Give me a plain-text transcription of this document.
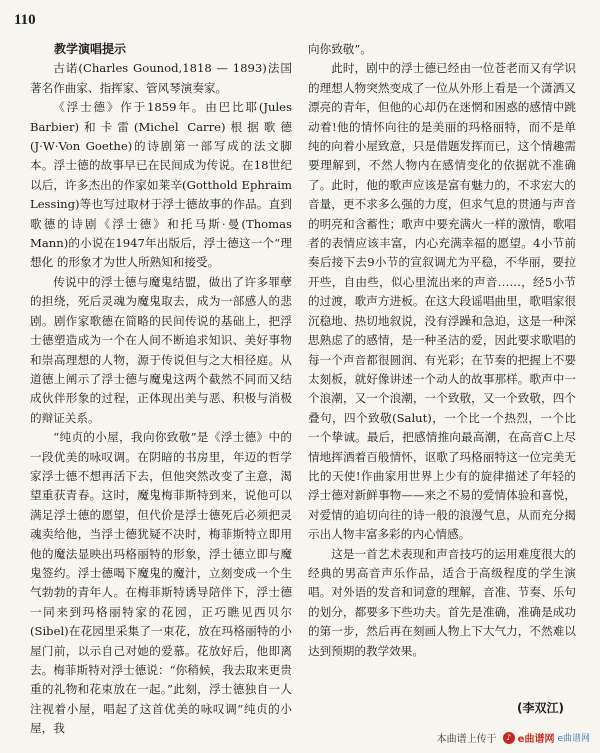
110

教学演唱提示

古诺(Charles Gounod,1818 — 1893)法国著名作曲家、指挥家、管风琴演奏家。

《浮士德》作于1859年。由巴比耶(Jules Barbier)和卡雷(Michel Carre)根据歌德(J·W·Von Goethe)的诗剧第一部写成的法文脚本。浮士德的故事早已在民间成为传说。在18世纪以后，许多杰出的作家如莱辛(Gotthold Ephraim Lessing)等也写过取材于浮士德故事的作品。直到歌德的诗剧《浮士德》和托马斯·曼(Thomas Mann)的小说在1947年出版后，浮士德这一个“理想化 的形象才为世人所熟知和接受。

传说中的浮士德与魔鬼结盟，做出了许多罪孽的担绕，死后灵魂为魔鬼取去，成为一部感人的悲剧。剧作家歌德在简略的民间传说的基础上，把浮士德塑造成为一个在人间不断追求知识、美好事物和崇高理想的人物，源于传说但与之大相径庭。从道德上阐示了浮士德与魔鬼这两个截然不同而又结成伙伴形象的过程，正体现出美与恶、积极与消极的辩证关系。

“纯贞的小屋，我向你致敬”是《浮士德》中的一段优美的咏叹调。在阴暗的书房里，年迈的哲学家浮士德不想再活下去，但他突然改变了主意，渴望重获青春。这时，魔鬼梅菲斯特到来，说他可以满足浮士德的愿望，但代价是浮士德死后必须把灵魂卖给他，当浮士德犹疑不决时，梅菲斯特立即用他的魔法显映出玛格丽特的形象，浮士德立即与魔鬼签约。浮士德喝下魔鬼的魔汁，立刻变成一个生气勃勃的青年人。在梅菲斯特诱导陪伴下，浮士德一同来到玛格丽特家的花园，正巧瞧见西贝尔(Sibel)在花园里采集了一束花，放在玛格丽特的小屋门前，以示自己对她的爱慕。花放好后，他即离去。梅菲斯特对浮士德说：“你稍候，我去取来更贵重的礼物和花束放在一起。”此刻，浮士德独自一人注视着小屋，唱起了这首优美的咏叹调“纯贞的小屋，我

向你致敬”。

此时，剧中的浮士德已经由一位苍老而又有学识的理想人物突然变成了一位从外形上看是一个潇洒又漂亮的青年，但他的心却仍在迷惘和困惑的感情中跳动着!他的情怀向往的是美丽的玛格丽特，而不是单纯的向着小屋致意，只是借题发挥而已，这个情趣需要理解到，不然人物内在感情变化的依据就不准确了。此时，他的歌声应该是富有魅力的，不求宏大的音量，更不求多么强的力度，但求气息的贯通与声音的明亮和含蓄性；歌声中要充满火一样的激情，歌唱者的表情应该丰富，内心充满幸福的愿望。4小节前奏后接下去9小节的宣叙调尤为平稳，不华丽，要拉开些，自由些，似心里流出来的声音……，经5小节的过渡，歌声方进板。在这大段谣唱曲里，歌唱家很沉稳地、热切地叙说，没有浮躁和急迫，这是一种深思熟虑了的感情，是一种圣洁的爱，因此要求歌唱的每一个声音都很圆润、有光彩；在节奏的把握上不要太刻板，就好像讲述一个动人的故事那样。歌声中一个浪潮，又一个浪潮，一个致敬，又一个致敬，四个叠句，四个致敬(Salut)，一个比一个热烈，一个比一个挚诚。最后，把感情推向最高潮，在高音C上尽情地挥洒着百般情怀，讴歌了玛格丽特这一位完美无比的天使!作曲家用世界上少有的旋律描述了年轻的浮士德对新鲜事物——来之不易的爱情体验和喜悦，对爱情的追切向往的诗一般的浪漫气息，从而充分揭示出人物丰富多彩的内心情感。

这是一首艺术表现和声音技巧的运用难度很大的经典的男高音声乐作品，适合于高级程度的学生演唱。对外语的发音和词意的理解，音准、节奏、乐句的划分，都要多下些功夫。首先是准确，准确是成功的第一步，然后再在刻画人物上下大气力，不然难以达到预期的教学效果。

(李双江)
本曲谱上传于	♪ e曲谱网 e曲谱网
